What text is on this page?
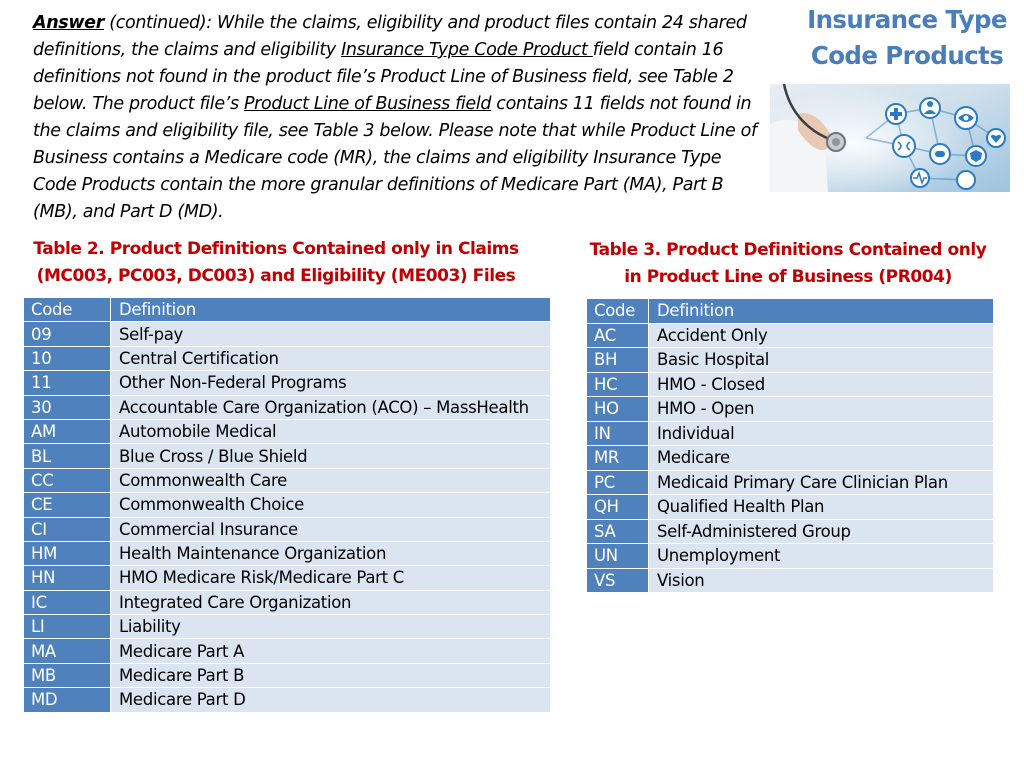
Answer (continued): While the claims, eligibility and product files contain 24 shared definitions, the claims and eligibility Insurance Type Code Product field contain 16 definitions not found in the product file’s Product Line of Business field, see Table 2 below. The product file’s Product Line of Business field contains 11 fields not found in the claims and eligibility file, see Table 3 below. Please note that while Product Line of Business contains a Medicare code (MR), the claims and eligibility Insurance Type Code Products contain the more granular definitions of Medicare Part (MA), Part B (MB), and Part D (MD).
Insurance Type
Code Products
Table 2. Product Definitions Contained only in Claims
(MC003, PC003, DC003) and Eligibility (ME003) Files
Table 3. Product Definitions Contained only
in Product Line of Business (PR004)
Code	Definition
09	Self-pay
10	Central Certification
11	Other Non-Federal Programs
30	Accountable Care Organization (ACO) – MassHealth
AM	Automobile Medical
BL	Blue Cross / Blue Shield
CC	Commonwealth Care
CE	Commonwealth Choice
CI	Commercial Insurance
HM	Health Maintenance Organization
HN	HMO Medicare Risk/Medicare Part C
IC	Integrated Care Organization
LI	Liability
MA	Medicare Part A
MB	Medicare Part B
MD	Medicare Part D
Code	Definition
AC	Accident Only
BH	Basic Hospital
HC	HMO - Closed
HO	HMO - Open
IN	Individual
MR	Medicare
PC	Medicaid Primary Care Clinician Plan
QH	Qualified Health Plan
SA	Self-Administered Group
UN	Unemployment
VS	Vision
